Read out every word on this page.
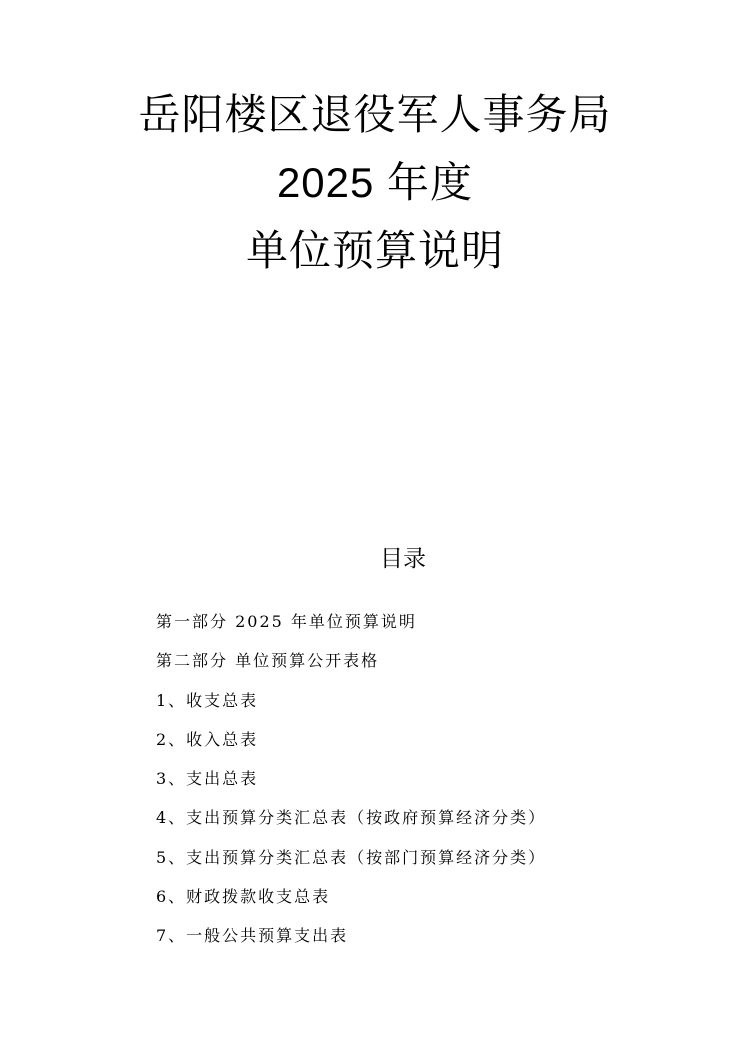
岳阳楼区退役军人事务局
2025 年度
单位预算说明
目录
第一部分 2025 年单位预算说明
第二部分 单位预算公开表格
1、收支总表
2、收入总表
3、支出总表
4、支出预算分类汇总表（按政府预算经济分类）
5、支出预算分类汇总表（按部门预算经济分类）
6、财政拨款收支总表
7、一般公共预算支出表
